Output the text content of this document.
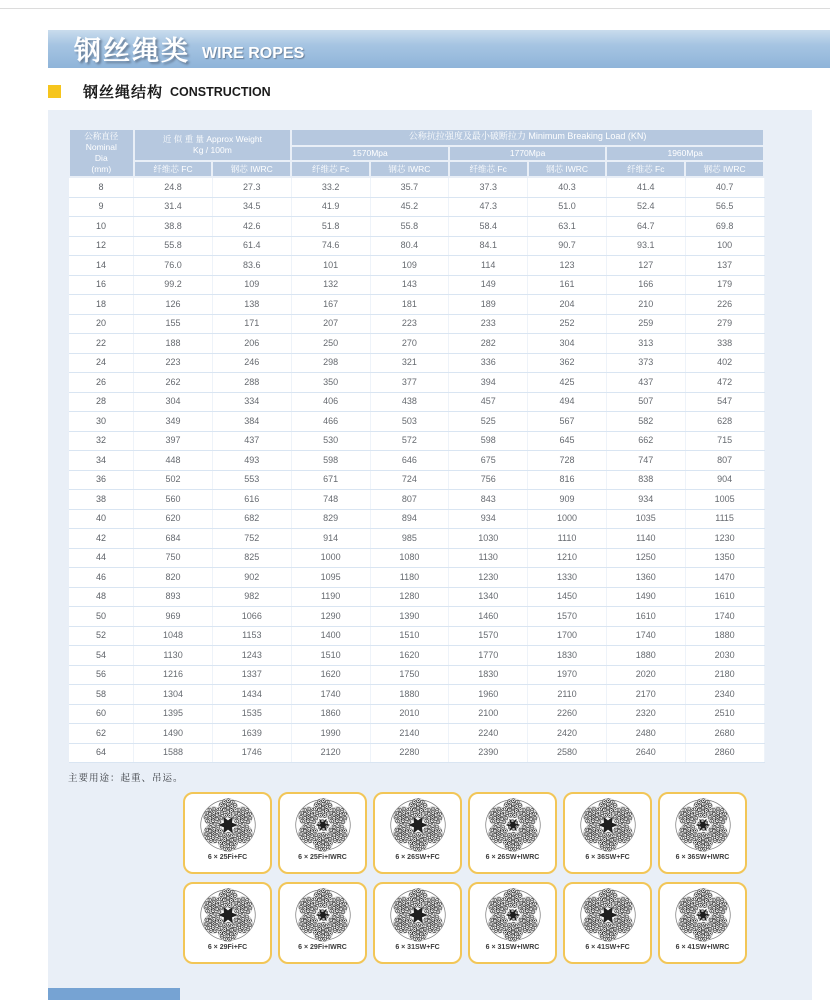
钢丝绳类 WIRE ROPES
钢丝绳结构 CONSTRUCTION
公称直径
Nominal
Dia
(mm)

近 似 重 量 Approx Weight
Kg / 100m
	公称抗拉强度及最小破断拉力 Minimum Breaking Load (KN)
			1570Mpa		1770Mpa		1960Mpa	
	纤维芯 FC	钢芯 IWRC	纤维芯 Fc	钢芯 IWRC	纤维芯 Fc	钢芯 IWRC	纤维芯 Fc	钢芯 IWRC
8	24.8	27.3	33.2	35.7	37.3	40.3	41.4	40.7
9	31.4	34.5	41.9	45.2	47.3	51.0	52.4	56.5
10	38.8	42.6	51.8	55.8	58.4	63.1	64.7	69.8
12	55.8	61.4	74.6	80.4	84.1	90.7	93.1	100
14	76.0	83.6	101	109	114	123	127	137
16	99.2	109	132	143	149	161	166	179
18	126	138	167	181	189	204	210	226
20	155	171	207	223	233	252	259	279
22	188	206	250	270	282	304	313	338
24	223	246	298	321	336	362	373	402
26	262	288	350	377	394	425	437	472
28	304	334	406	438	457	494	507	547
30	349	384	466	503	525	567	582	628
32	397	437	530	572	598	645	662	715
34	448	493	598	646	675	728	747	807
36	502	553	671	724	756	816	838	904
38	560	616	748	807	843	909	934	1005
40	620	682	829	894	934	1000	1035	1115
42	684	752	914	985	1030	1110	1140	1230
44	750	825	1000	1080	1130	1210	1250	1350
46	820	902	1095	1180	1230	1330	1360	1470
48	893	982	1190	1280	1340	1450	1490	1610
50	969	1066	1290	1390	1460	1570	1610	1740
52	1048	1153	1400	1510	1570	1700	1740	1880
54	1130	1243	1510	1620	1770	1830	1880	2030
56	1216	1337	1620	1750	1830	1970	2020	2180
58	1304	1434	1740	1880	1960	2110	2170	2340
60	1395	1535	1860	2010	2100	2260	2320	2510
62	1490	1639	1990	2140	2240	2420	2480	2680
64	1588	1746	2120	2280	2390	2580	2640	2860
主要用途：起重、吊运。
6 × 25Fi+FC	6 × 25Fi+IWRC	6 × 26SW+FC	6 × 26SW+IWRC	6 × 36SW+FC	6 × 36SW+IWRC
6 × 29Fi+FC	6 × 29Fi+IWRC	6 × 31SW+FC	6 × 31SW+IWRC	6 × 41SW+FC	6 × 41SW+IWRC
